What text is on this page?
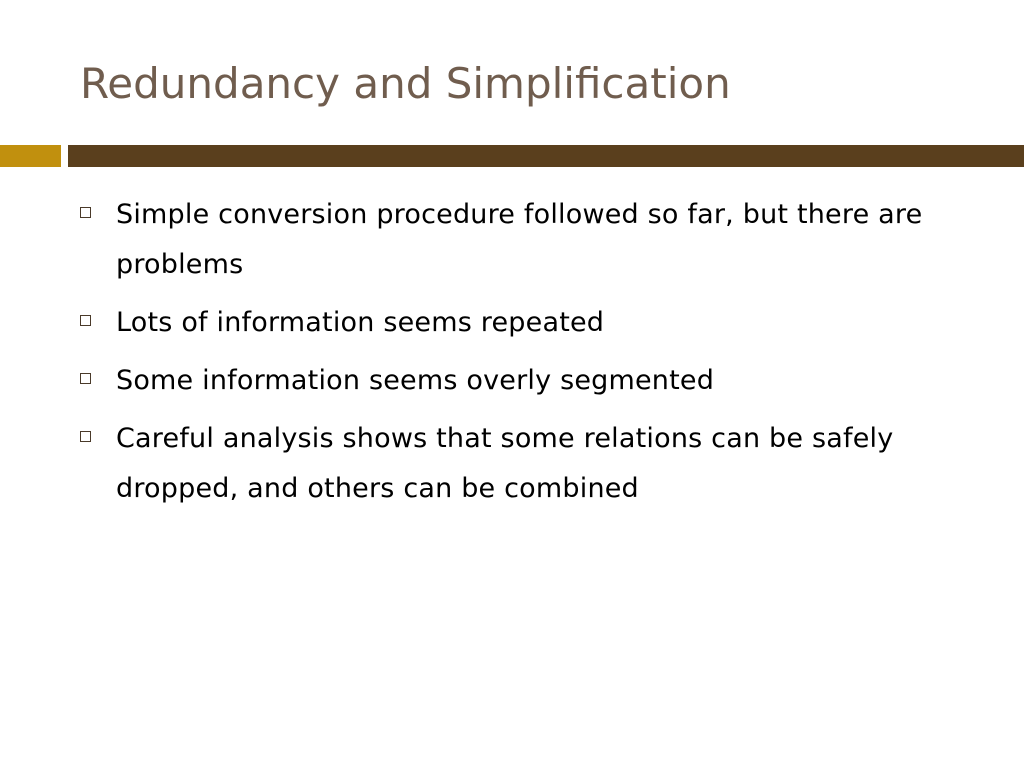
Redundancy and Simplification
Simple conversion procedure followed so far, but there are problems
Lots of information seems repeated
Some information seems overly segmented
Careful analysis shows that some relations can be safely dropped, and others can be combined
